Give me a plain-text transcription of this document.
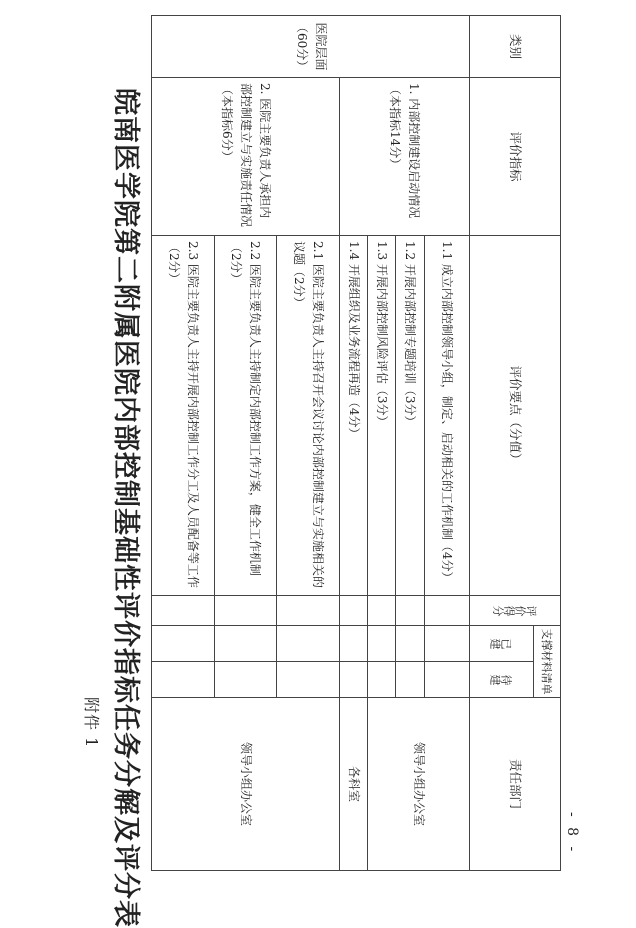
附件 1 皖南医学院第二附属医院内部控制基础性评价指标任务分解及评分表
类别	评价指标	评价要点（分值）	评价得分	支撑材料清单		责任部门
				已建	待建	
医院层面（60分）	1. 内部控制建设启动情况（本指标14分）	1.1 成立内部控制领导小组，制定、启动相关的工作机制（4分）				领导小组办公室
		1.2 开展内部控制专题培训（3分）				
		1.3 开展内部控制风险评估（3分）				
		1.4 开展组织及业务流程再造（4分）				各科室
	2. 医院主要负责人承担内部控制建立与实施责任情况（本指标6分）	2.1 医院主要负责人主持召开会议讨论内部控制建立与实施相关的议题（2分）				领导小组办公室
		2.2 医院主要负责人主持制定内部控制工作方案，健全工作机制（2分）				
		2.3 医院主要负责人主持开展内部控制工作分工及人员配备等工作（2分）				
- 8 -
